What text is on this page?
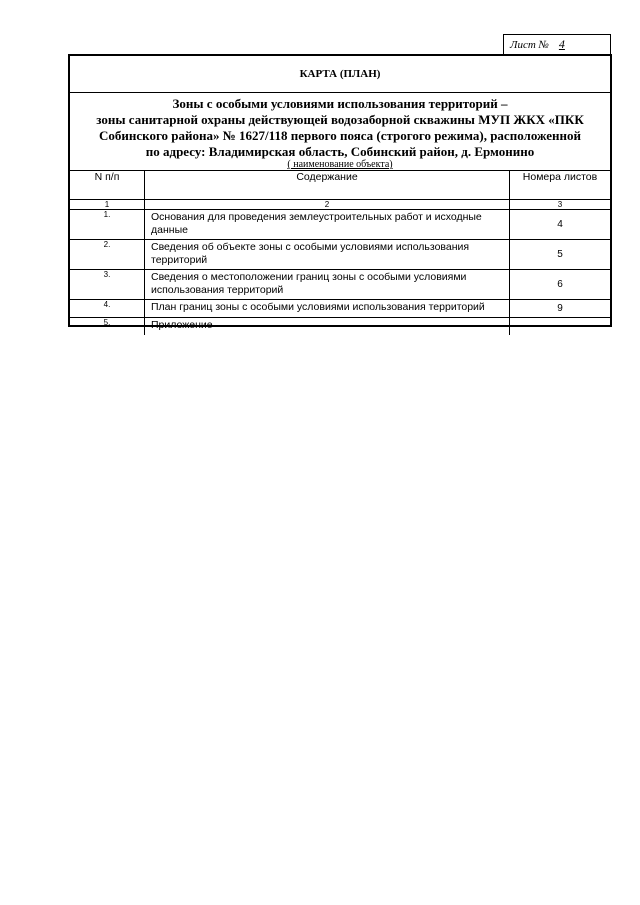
Лист № 4
КАРТА (ПЛАН)
Зоны с особыми условиями использования территорий –
зоны санитарной охраны действующей водозаборной скважины МУП ЖКХ «ПКК
Собинского района» № 1627/118 первого пояса (строгого режима), расположенной
по адресу: Владимирская область, Собинский район, д. Ермонино
( наименование объекта)
N п/п	Содержание	Номера листов
1	2	3
1.	Основания для проведения землеустроительных работ и исходные данные	4
2.	Сведения об объекте зоны с особыми условиями использования территорий	5
3.	Сведения о местоположении границ зоны с особыми условиями использования территорий	6
4.	План границ зоны с особыми условиями использования территорий	9
5.	Приложение	
